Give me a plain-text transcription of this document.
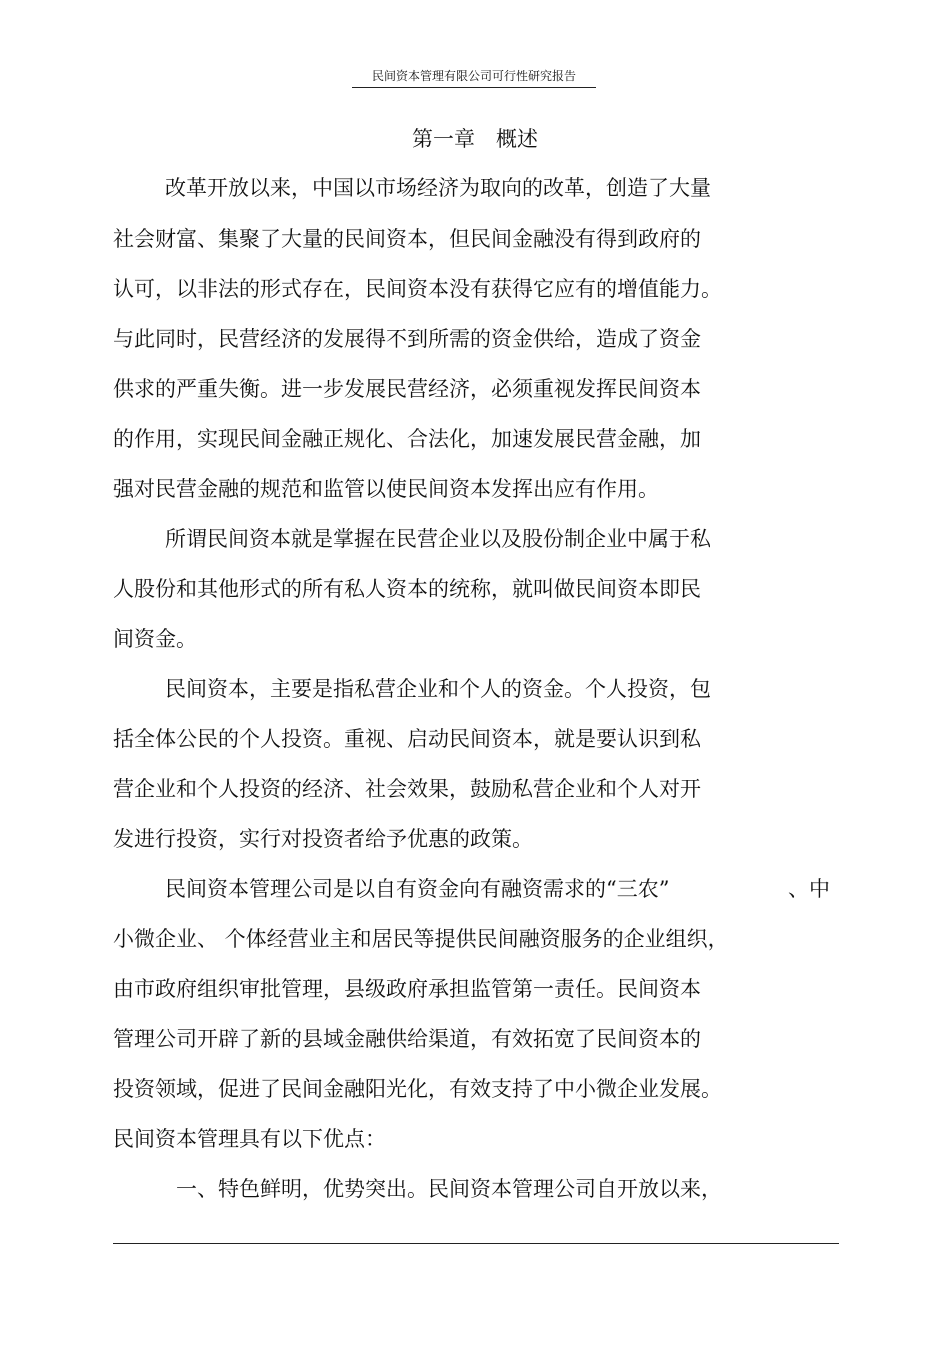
民间资本管理有限公司可行性研究报告
第一章　概述
改革开放以来，中国以市场经济为取向的改革，创造了大量
社会财富、集聚了大量的民间资本，但民间金融没有得到政府的
认可，以非法的形式存在，民间资本没有获得它应有的增值能力。
与此同时，民营经济的发展得不到所需的资金供给，造成了资金
供求的严重失衡。进一步发展民营经济，必须重视发挥民间资本
的作用，实现民间金融正规化、合法化，加速发展民营金融，加
强对民营金融的规范和监管以使民间资本发挥出应有作用。
所谓民间资本就是掌握在民营企业以及股份制企业中属于私
人股份和其他形式的所有私人资本的统称，就叫做民间资本即民
间资金。
民间资本，主要是指私营企业和个人的资金。个人投资，包
括全体公民的个人投资。重视、启动民间资本，就是要认识到私
营企业和个人投资的经济、社会效果，鼓励私营企业和个人对开
发进行投资，实行对投资者给予优惠的政策。
民间资本管理公司是以自有资金向有融资需求的“三农”	、中
小微企业、 个体经营业主和居民等提供民间融资服务的企业组织，
由市政府组织审批管理，县级政府承担监管第一责任。民间资本
管理公司开辟了新的县域金融供给渠道，有效拓宽了民间资本的
投资领域，促进了民间金融阳光化，有效支持了中小微企业发展。
民间资本管理具有以下优点：
一、特色鲜明，优势突出。民间资本管理公司自开放以来，
